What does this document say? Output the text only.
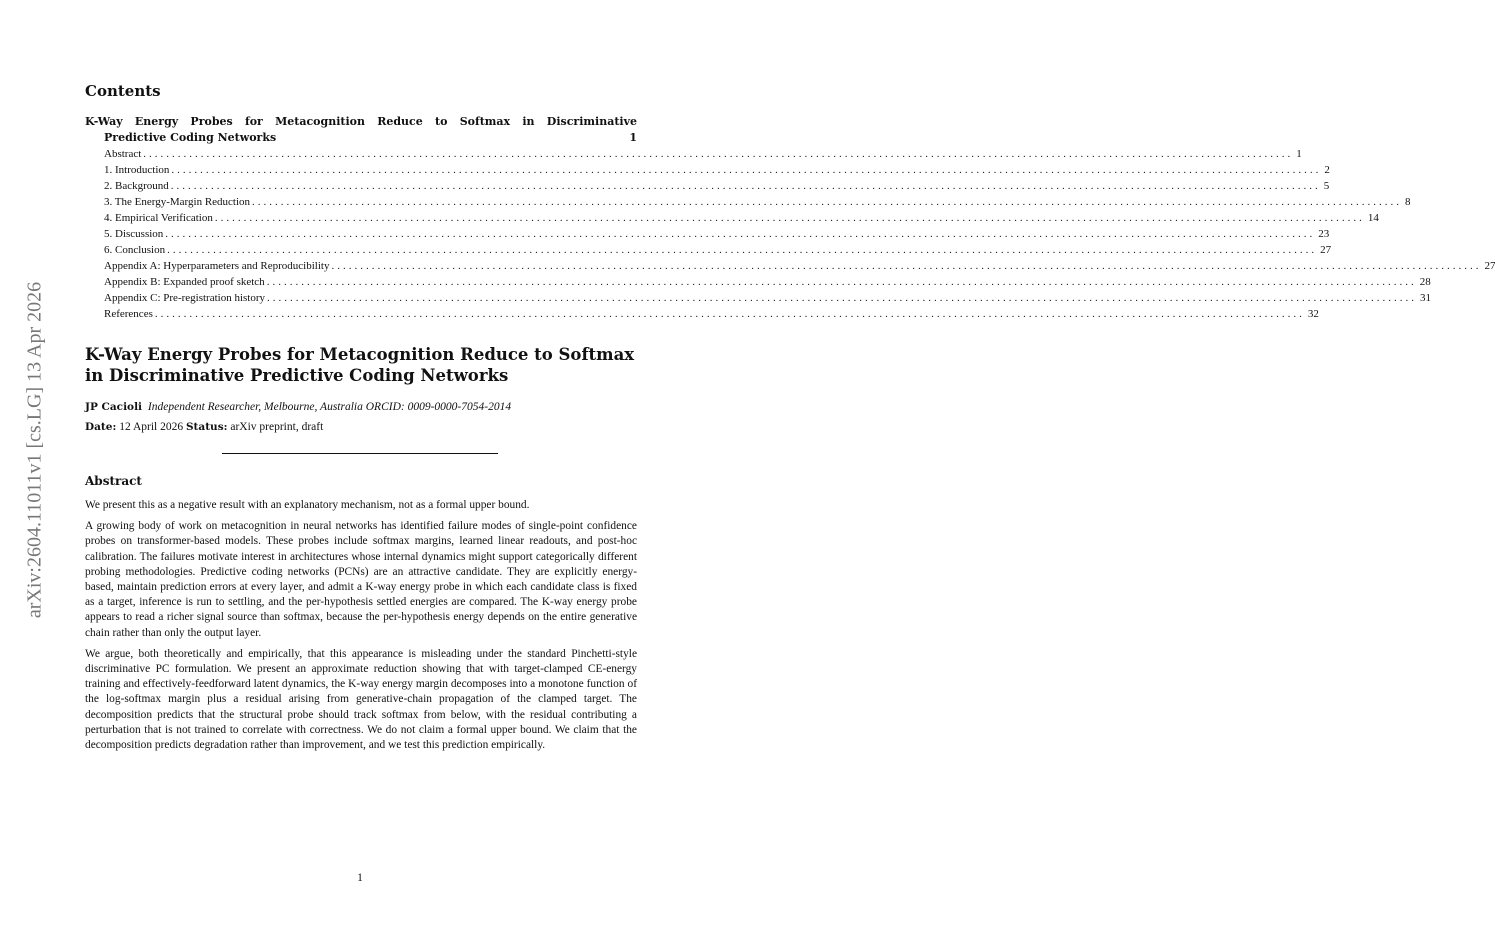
arXiv:2604.11011v1 [cs.LG] 13 Apr 2026
Contents
K-Way Energy Probes for Metacognition Reduce to Softmax in Discriminative
Predictive Coding Networks	1
Abstract ........................................................................................................................................................................................................ 1
1. Introduction ........................................................................................................................................................................................................ 2
2. Background ........................................................................................................................................................................................................ 5
3. The Energy-Margin Reduction ........................................................................................................................................................................................................ 8
4. Empirical Verification ........................................................................................................................................................................................................ 14
5. Discussion ........................................................................................................................................................................................................ 23
6. Conclusion ........................................................................................................................................................................................................ 27
Appendix A: Hyperparameters and Reproducibility ........................................................................................................................................................................................................ 27
Appendix B: Expanded proof sketch ........................................................................................................................................................................................................ 28
Appendix C: Pre-registration history ........................................................................................................................................................................................................ 31
References ........................................................................................................................................................................................................ 32
K-Way Energy Probes for Metacognition Reduce to Softmax in Discriminative Predictive Coding Networks

JP Cacioli Independent Researcher, Melbourne, Australia ORCID: 0009-0000-7054-2014

Date: 12 April 2026 Status: arXiv preprint, draft

Abstract

We present this as a negative result with an explanatory mechanism, not as a formal upper bound.

A growing body of work on metacognition in neural networks has identified failure modes of single-point confidence probes on transformer-based models. These probes include softmax margins, learned linear readouts, and post-hoc calibration. The failures motivate interest in architectures whose internal dynamics might support categorically different probing methodologies. Predictive coding networks (PCNs) are an attractive candidate. They are explicitly energy-based, maintain prediction errors at every layer, and admit a K-way energy probe in which each candidate class is fixed as a target, inference is run to settling, and the per-hypothesis settled energies are compared. The K-way energy probe appears to read a richer signal source than softmax, because the per-hypothesis energy depends on the entire generative chain rather than only the output layer.

We argue, both theoretically and empirically, that this appearance is misleading under the standard Pinchetti-style discriminative PC formulation. We present an approximate reduction showing that with target-clamped CE-energy training and effectively-feedforward latent dynamics, the K-way energy margin decomposes into a monotone function of the log-softmax margin plus a residual arising from generative-chain propagation of the clamped target. The decomposition predicts that the structural probe should track softmax from below, with the residual contributing a perturbation that is not trained to correlate with correctness. We do not claim a formal upper bound. We claim that the decomposition predicts degradation rather than improvement, and we test this prediction empirically.

1
